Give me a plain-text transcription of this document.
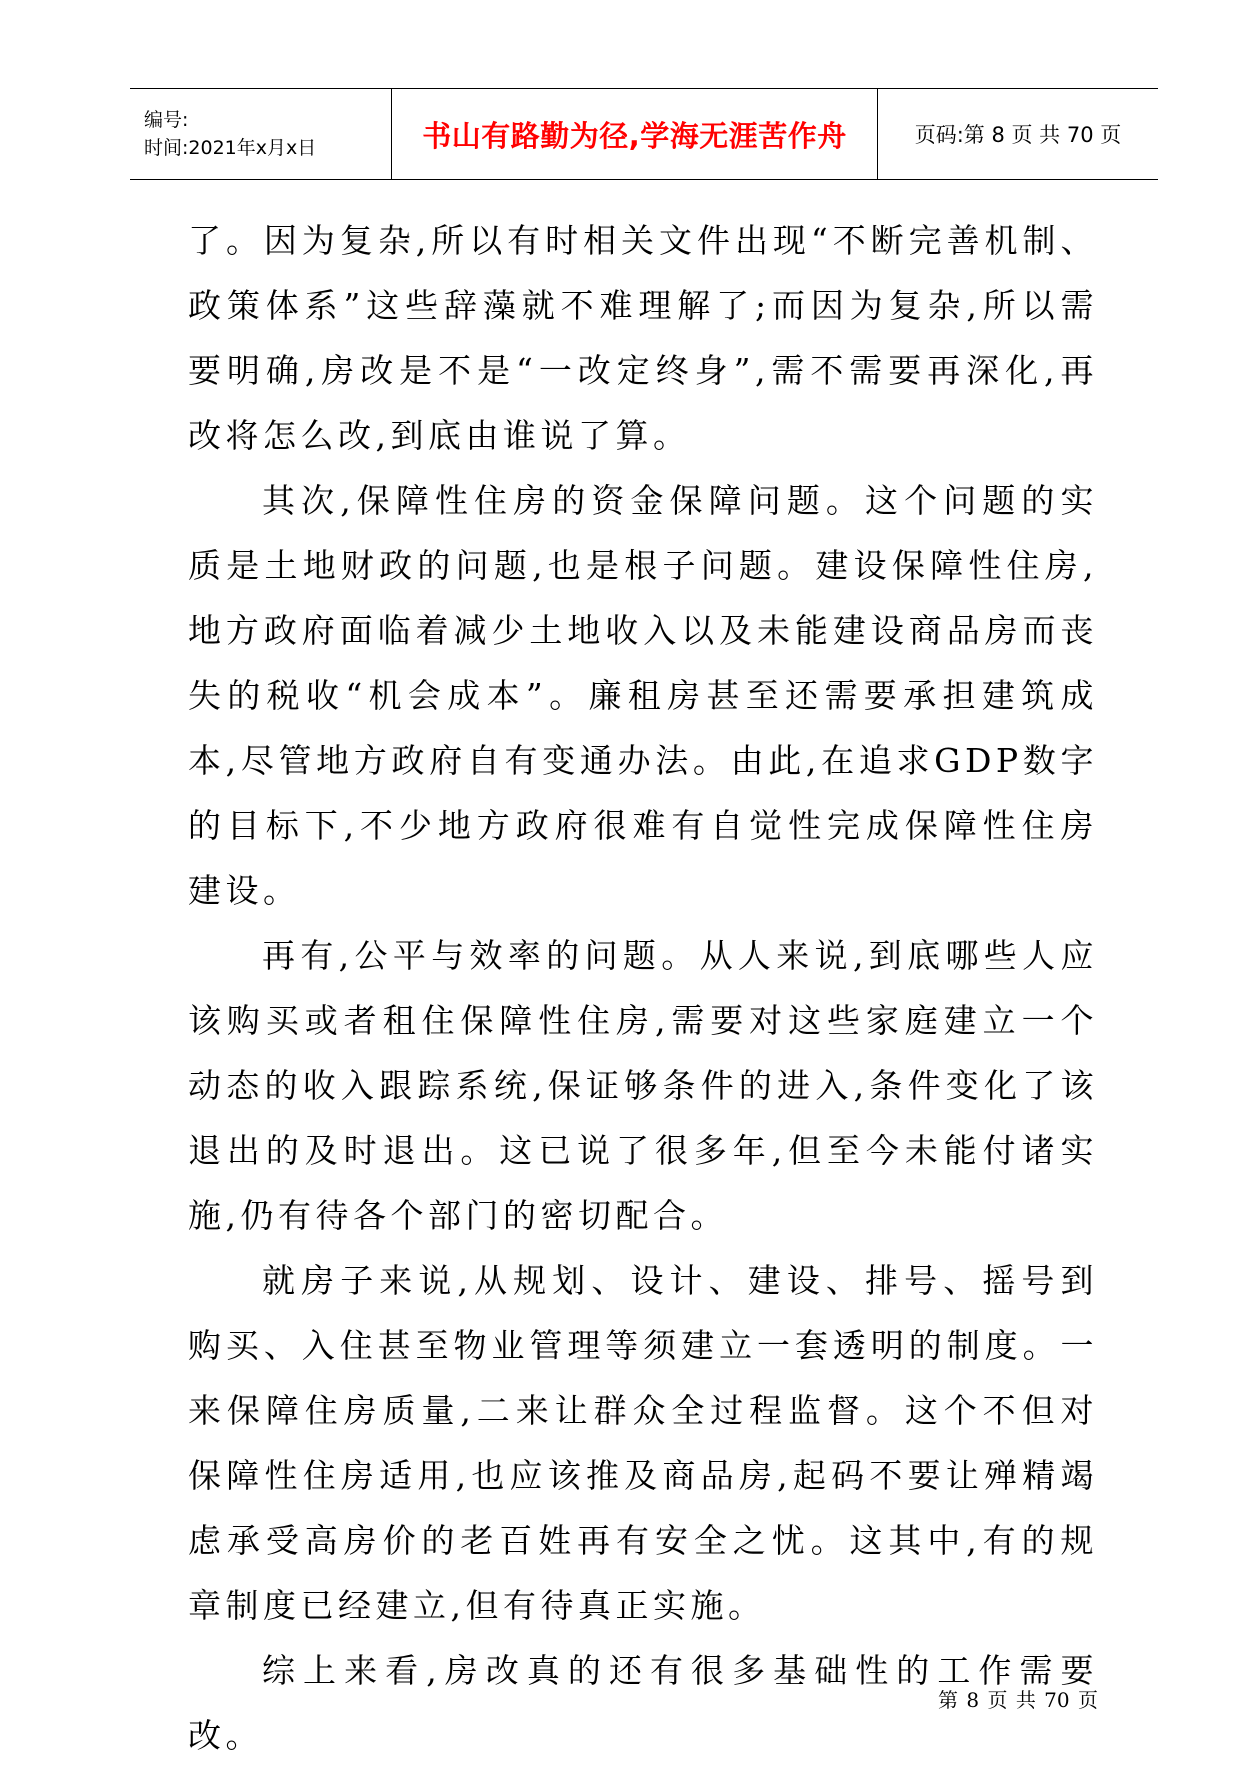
编号:
时间:2021年x月x日	书山有路勤为径,学海无涯苦作舟	页码:第 8 页 共 70 页

了。因为复杂,所以有时相关文件出现“不断完善机制、政策体系”这些辞藻就不难理解了;而因为复杂,所以需要明确,房改是不是“一改定终身”,需不需要再深化,再改将怎么改,到底由谁说了算。

其次,保障性住房的资金保障问题。这个问题的实质是土地财政的问题,也是根子问题。建设保障性住房,地方政府面临着减少土地收入以及未能建设商品房而丧失的税收“机会成本”。廉租房甚至还需要承担建筑成本,尽管地方政府自有变通办法。由此,在追求GDP数字的目标下,不少地方政府很难有自觉性完成保障性住房建设。

再有,公平与效率的问题。从人来说,到底哪些人应该购买或者租住保障性住房,需要对这些家庭建立一个动态的收入跟踪系统,保证够条件的进入,条件变化了该退出的及时退出。这已说了很多年,但至今未能付诸实施,仍有待各个部门的密切配合。

就房子来说,从规划、设计、建设、排号、摇号到购买、入住甚至物业管理等须建立一套透明的制度。一来保障住房质量,二来让群众全过程监督。这个不但对保障性住房适用,也应该推及商品房,起码不要让殚精竭虑承受高房价的老百姓再有安全之忧。这其中,有的规章制度已经建立,但有待真正实施。

综上来看,房改真的还有很多基础性的工作需要改。

第 8 页 共 70 页
